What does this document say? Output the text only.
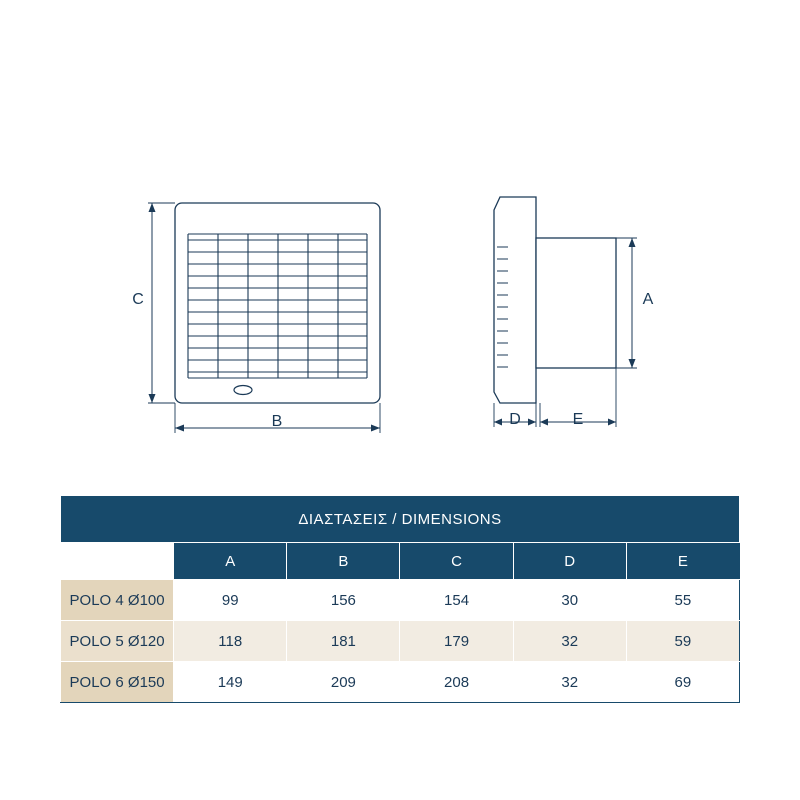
C
B
A
D	E
ΔΙΑΣΤΑΣΕΙΣ / DIMENSIONS					
	A	B	C	D	E
POLO 4 Ø100	99	156	154	30	55
POLO 5 Ø120	118	181	179	32	59
POLO 6 Ø150	149	209	208	32	69
